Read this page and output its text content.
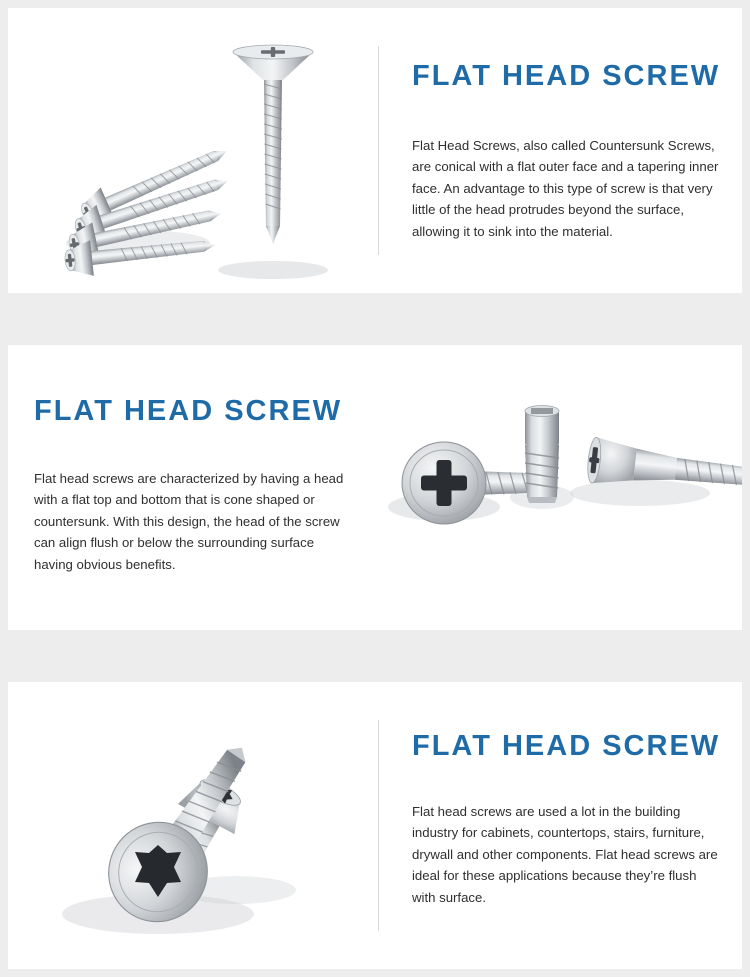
FLAT HEAD SCREW

Flat Head Screws, also called Countersunk Screws, are conical with a flat outer face and a tapering inner face. An advantage to this type of screw is that very little of the head protrudes beyond the surface, allowing it to sink into the material.

FLAT HEAD SCREW

Flat head screws are characterized by having a head with a flat top and bottom that is cone shaped or countersunk. With this design, the head of the screw can align flush or below the surrounding surface having obvious benefits.

FLAT HEAD SCREW

Flat head screws are used a lot in the building industry for cabinets, countertops, stairs, furniture, drywall and other components. Flat head screws are ideal for these applications because they’re flush with surface.
